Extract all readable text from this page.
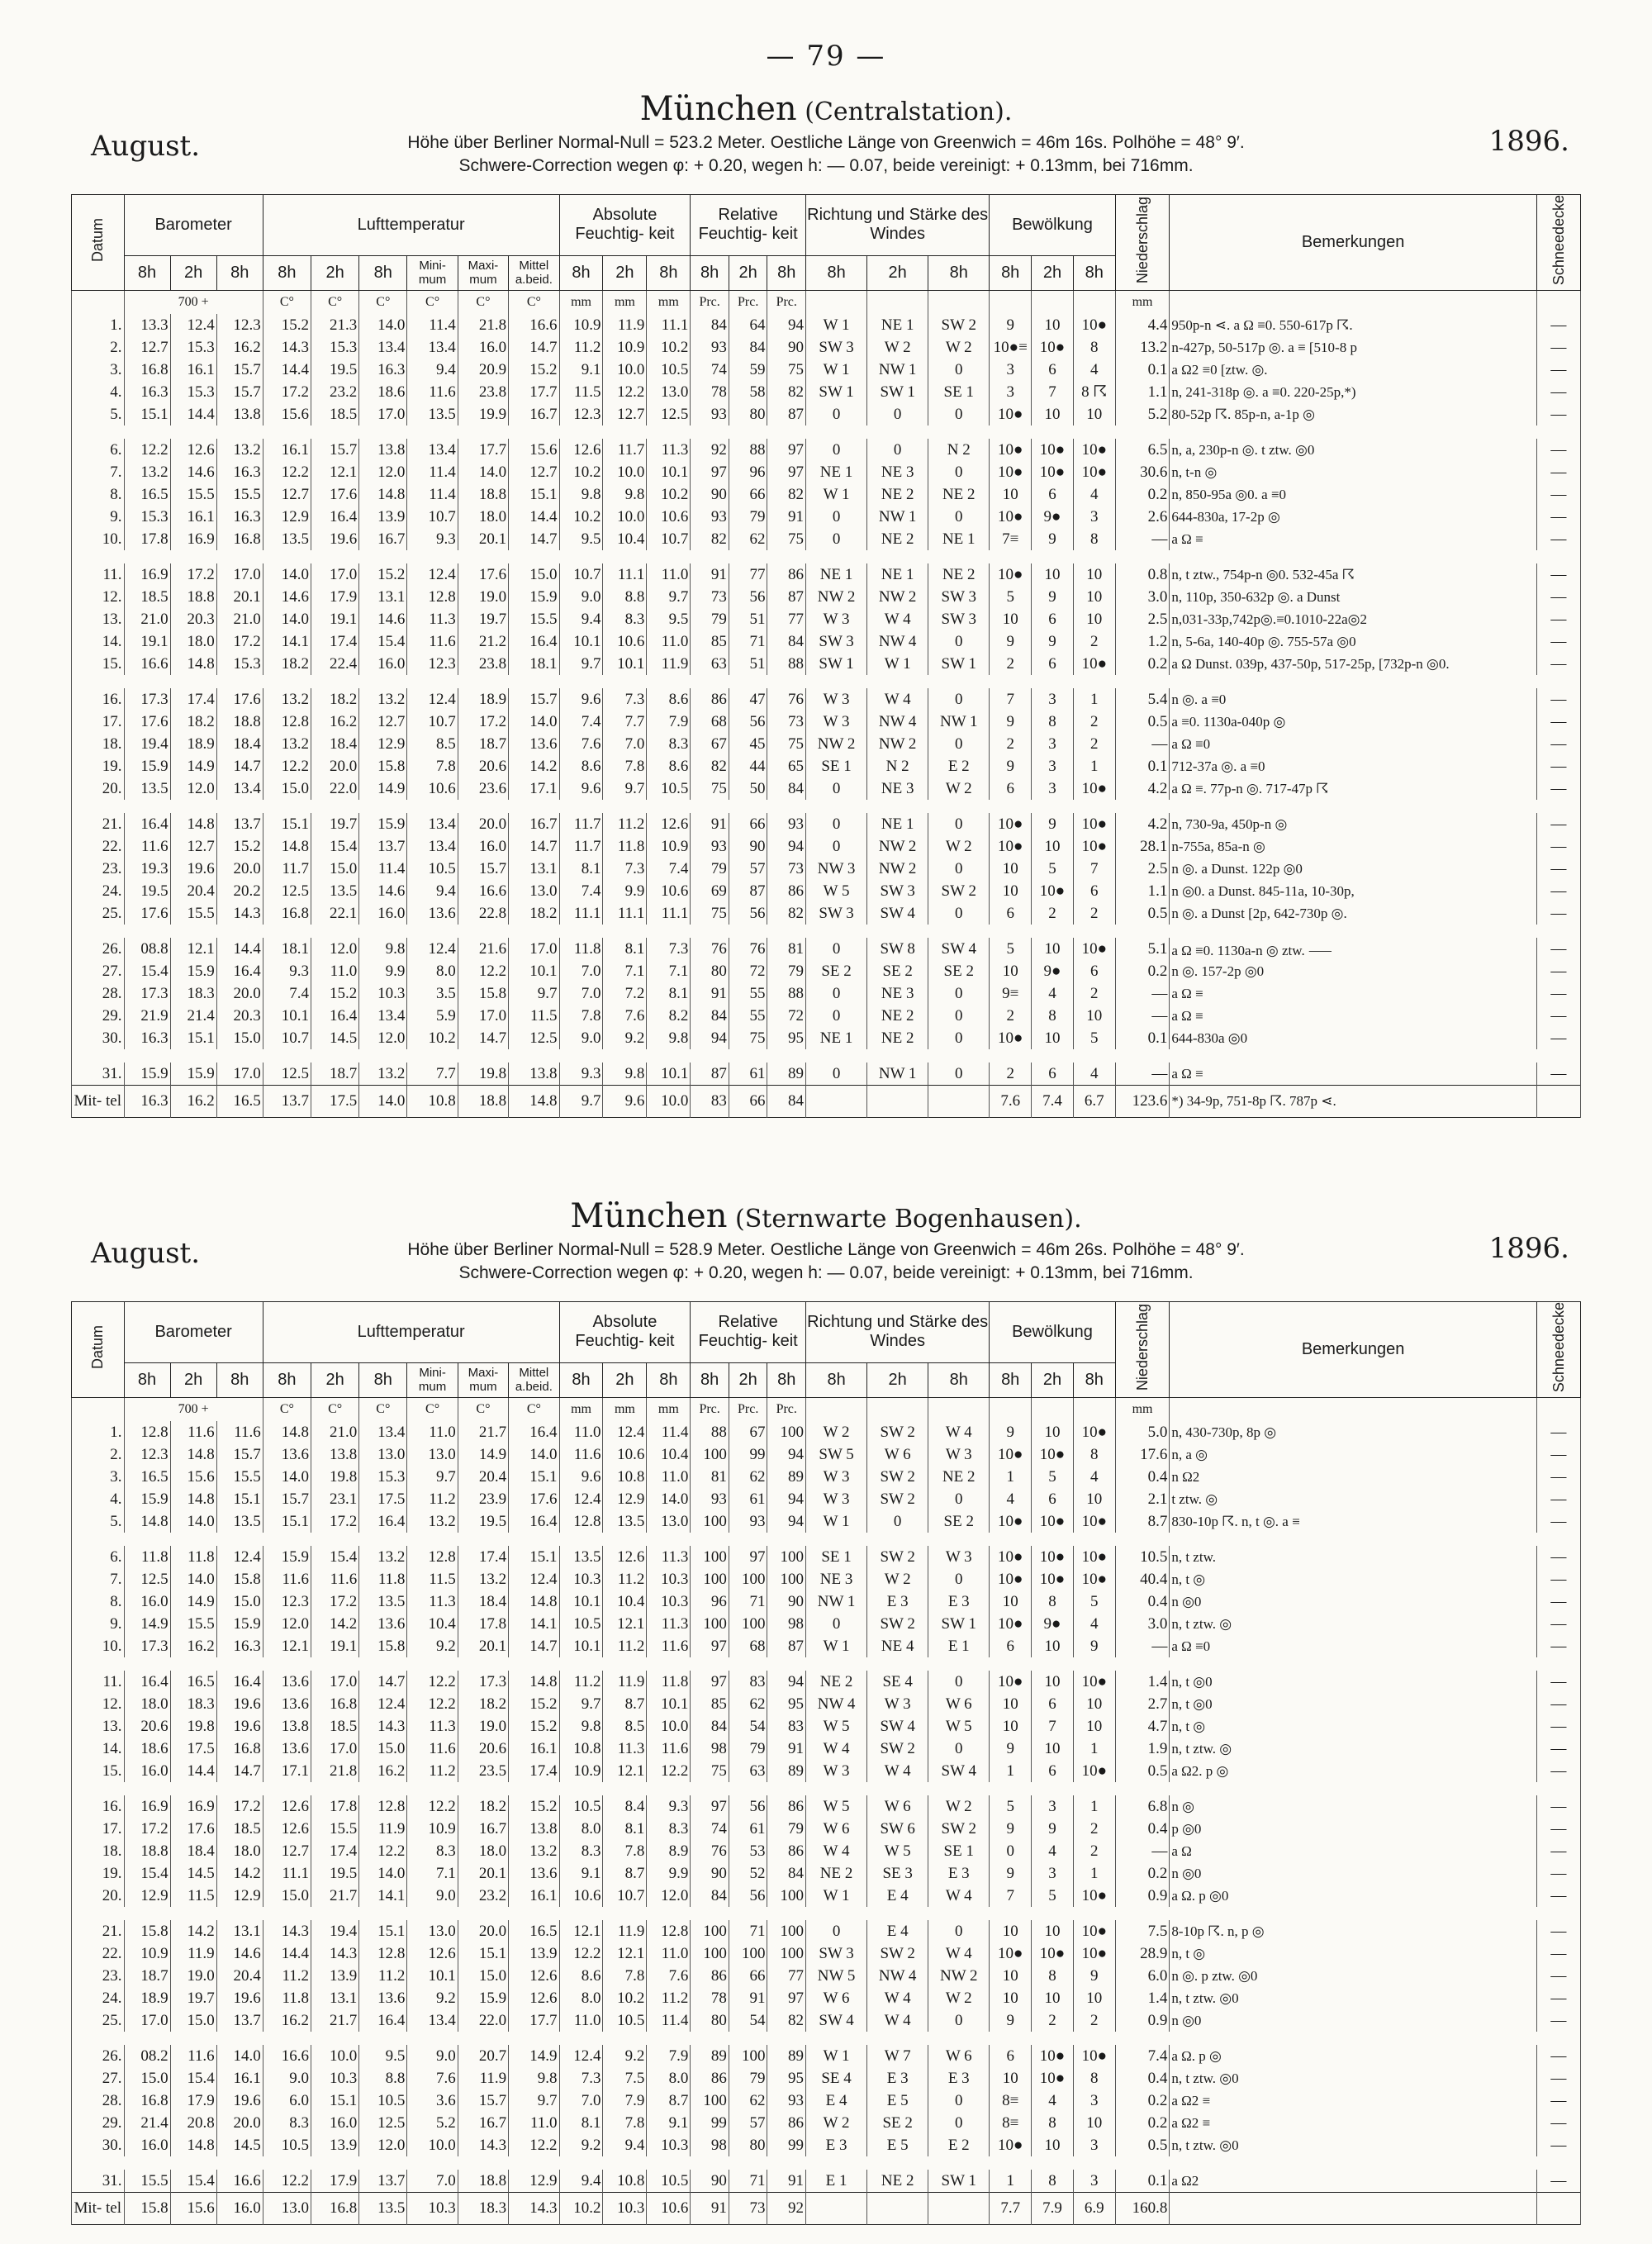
— 79 —
August.
München (Centralstation).
1896.
Höhe über Berliner Normal-Null = 523.2 Meter. Oestliche Länge von Greenwich = 46m 16s. Polhöhe = 48° 9′.
Schwere-Correction wegen φ: + 0.20, wegen h: — 0.07, beide vereinigt: + 0.13mm, bei 716mm.
Datum	Barometer			Lufttemperatur						Absolute Feuchtig- keit			Relative Feuchtig- keit			Richtung und Stärke des Windes			Bewölkung			Niederschlag	Bemerkungen	Schneedecke
	8h	2h	8h	8h	2h	8h	Mini- mum	Maxi- mum	Mittel a.beid.	8h	2h	8h	8h	2h	8h	8h	2h	8h	8h	2h	8h			
	700 +			C°	C°	C°	C°	C°	C°	mm	mm	mm	Prc.	Prc.	Prc.							mm		
1.	13.3	12.4	12.3	15.2	21.3	14.0	11.4	21.8	16.6	10.9	11.9	11.1	84	64	94	W 1	NE 1	SW 2	9	10	10●	4.4	950p-n ⋖. a Ω ≡0. 550-617p ☈.	—
2.	12.7	15.3	16.2	14.3	15.3	13.4	13.4	16.0	14.7	11.2	10.9	10.2	93	84	90	SW 3	W 2	W 2	10●≡	10●	8	13.2	n-427p, 50-517p ◎. a ≡ [510-8 p	—
3.	16.8	16.1	15.7	14.4	19.5	16.3	9.4	20.9	15.2	9.1	10.0	10.5	74	59	75	W 1	NW 1	0	3	6	4	0.1	a Ω2 ≡0 [ztw. ◎.	—
4.	16.3	15.3	15.7	17.2	23.2	18.6	11.6	23.8	17.7	11.5	12.2	13.0	78	58	82	SW 1	SW 1	SE 1	3	7	8 ☈	1.1	n, 241-318p ◎. a ≡0. 220-25p,*)	—
5.	15.1	14.4	13.8	15.6	18.5	17.0	13.5	19.9	16.7	12.3	12.7	12.5	93	80	87	0	0	0	10●	10	10	5.2	80-52p ☈. 85p-n, a-1p ◎	—

6.	12.2	12.6	13.2	16.1	15.7	13.8	13.4	17.7	15.6	12.6	11.7	11.3	92	88	97	0	0	N 2	10●	10●	10●	6.5	n, a, 230p-n ◎. t ztw. ◎0	—
7.	13.2	14.6	16.3	12.2	12.1	12.0	11.4	14.0	12.7	10.2	10.0	10.1	97	96	97	NE 1	NE 3	0	10●	10●	10●	30.6	n, t-n ◎	—
8.	16.5	15.5	15.5	12.7	17.6	14.8	11.4	18.8	15.1	9.8	9.8	10.2	90	66	82	W 1	NE 2	NE 2	10	6	4	0.2	n, 850-95a ◎0. a ≡0	—
9.	15.3	16.1	16.3	12.9	16.4	13.9	10.7	18.0	14.4	10.2	10.0	10.6	93	79	91	0	NW 1	0	10●	9●	3	2.6	644-830a, 17-2p ◎	—
10.	17.8	16.9	16.8	13.5	19.6	16.7	9.3	20.1	14.7	9.5	10.4	10.7	82	62	75	0	NE 2	NE 1	7≡	9	8	—	a Ω ≡	—

11.	16.9	17.2	17.0	14.0	17.0	15.2	12.4	17.6	15.0	10.7	11.1	11.0	91	77	86	NE 1	NE 1	NE 2	10●	10	10	0.8	n, t ztw., 754p-n ◎0. 532-45a ☈	—
12.	18.5	18.8	20.1	14.6	17.9	13.1	12.8	19.0	15.9	9.0	8.8	9.7	73	56	87	NW 2	NW 2	SW 3	5	9	10	3.0	n, 110p, 350-632p ◎. a Dunst	—
13.	21.0	20.3	21.0	14.0	19.1	14.6	11.3	19.7	15.5	9.4	8.3	9.5	79	51	77	W 3	W 4	SW 3	10	6	10	2.5	n,031-33p,742p◎.≡0.1010-22a◎2	—
14.	19.1	18.0	17.2	14.1	17.4	15.4	11.6	21.2	16.4	10.1	10.6	11.0	85	71	84	SW 3	NW 4	0	9	9	2	1.2	n, 5-6a, 140-40p ◎. 755-57a ◎0	—
15.	16.6	14.8	15.3	18.2	22.4	16.0	12.3	23.8	18.1	9.7	10.1	11.9	63	51	88	SW 1	W 1	SW 1	2	6	10●	0.2	a Ω Dunst. 039p, 437-50p, 517-25p, [732p-n ◎0.	—

16.	17.3	17.4	17.6	13.2	18.2	13.2	12.4	18.9	15.7	9.6	7.3	8.6	86	47	76	W 3	W 4	0	7	3	1	5.4	n ◎. a ≡0	—
17.	17.6	18.2	18.8	12.8	16.2	12.7	10.7	17.2	14.0	7.4	7.7	7.9	68	56	73	W 3	NW 4	NW 1	9	8	2	0.5	a ≡0. 1130a-040p ◎	—
18.	19.4	18.9	18.4	13.2	18.4	12.9	8.5	18.7	13.6	7.6	7.0	8.3	67	45	75	NW 2	NW 2	0	2	3	2	—	a Ω ≡0	—
19.	15.9	14.9	14.7	12.2	20.0	15.8	7.8	20.6	14.2	8.6	7.8	8.6	82	44	65	SE 1	N 2	E 2	9	3	1	0.1	712-37a ◎. a ≡0	—
20.	13.5	12.0	13.4	15.0	22.0	14.9	10.6	23.6	17.1	9.6	9.7	10.5	75	50	84	0	NE 3	W 2	6	3	10●	4.2	a Ω ≡. 77p-n ◎. 717-47p ☈	—

21.	16.4	14.8	13.7	15.1	19.7	15.9	13.4	20.0	16.7	11.7	11.2	12.6	91	66	93	0	NE 1	0	10●	9	10●	4.2	n, 730-9a, 450p-n ◎	—
22.	11.6	12.7	15.2	14.8	15.4	13.7	13.4	16.0	14.7	11.7	11.8	10.9	93	90	94	0	NW 2	W 2	10●	10	10●	28.1	n-755a, 85a-n ◎	—
23.	19.3	19.6	20.0	11.7	15.0	11.4	10.5	15.7	13.1	8.1	7.3	7.4	79	57	73	NW 3	NW 2	0	10	5	7	2.5	n ◎. a Dunst. 122p ◎0	—
24.	19.5	20.4	20.2	12.5	13.5	14.6	9.4	16.6	13.0	7.4	9.9	10.6	69	87	86	W 5	SW 3	SW 2	10	10●	6	1.1	n ◎0. a Dunst. 845-11a, 10-30p,	—
25.	17.6	15.5	14.3	16.8	22.1	16.0	13.6	22.8	18.2	11.1	11.1	11.1	75	56	82	SW 3	SW 4	0	6	2	2	0.5	n ◎. a Dunst [2p, 642-730p ◎.	—

26.	08.8	12.1	14.4	18.1	12.0	9.8	12.4	21.6	17.0	11.8	8.1	7.3	76	76	81	0	SW 8	SW 4	5	10	10●	5.1	a Ω ≡0. 1130a-n ◎ ztw. ⸺	—
27.	15.4	15.9	16.4	9.3	11.0	9.9	8.0	12.2	10.1	7.0	7.1	7.1	80	72	79	SE 2	SE 2	SE 2	10	9●	6	0.2	n ◎. 157-2p ◎0	—
28.	17.3	18.3	20.0	7.4	15.2	10.3	3.5	15.8	9.7	7.0	7.2	8.1	91	55	88	0	NE 3	0	9≡	4	2	—	a Ω ≡	—
29.	21.9	21.4	20.3	10.1	16.4	13.4	5.9	17.0	11.5	7.8	7.6	8.2	84	55	72	0	NE 2	0	2	8	10	—	a Ω ≡	—
30.	16.3	15.1	15.0	10.7	14.5	12.0	10.2	14.7	12.5	9.0	9.2	9.8	94	75	95	NE 1	NE 2	0	10●	10	5	0.1	644-830a ◎0	—

31.	15.9	15.9	17.0	12.5	18.7	13.2	7.7	19.8	13.8	9.3	9.8	10.1	87	61	89	0	NW 1	0	2	6	4	—	a Ω ≡	—
Mit- tel	16.3	16.2	16.5	13.7	17.5	14.0	10.8	18.8	14.8	9.7	9.6	10.0	83	66	84				7.6	7.4	6.7	123.6	*) 34-9p, 751-8p ☈. 787p ⋖.	
August.
München (Sternwarte Bogenhausen).
1896.
Höhe über Berliner Normal-Null = 528.9 Meter. Oestliche Länge von Greenwich = 46m 26s. Polhöhe = 48° 9′.
Schwere-Correction wegen φ: + 0.20, wegen h: — 0.07, beide vereinigt: + 0.13mm, bei 716mm.
Datum	Barometer			Lufttemperatur						Absolute Feuchtig- keit			Relative Feuchtig- keit			Richtung und Stärke des Windes			Bewölkung			Niederschlag	Bemerkungen	Schneedecke
	8h	2h	8h	8h	2h	8h	Mini- mum	Maxi- mum	Mittel a.beid.	8h	2h	8h	8h	2h	8h	8h	2h	8h	8h	2h	8h			
	700 +			C°	C°	C°	C°	C°	C°	mm	mm	mm	Prc.	Prc.	Prc.							mm		
1.	12.8	11.6	11.6	14.8	21.0	13.4	11.0	21.7	16.4	11.0	12.4	11.4	88	67	100	W 2	SW 2	W 4	9	10	10●	5.0	n, 430-730p, 8p ◎	—
2.	12.3	14.8	15.7	13.6	13.8	13.0	13.0	14.9	14.0	11.6	10.6	10.4	100	99	94	SW 5	W 6	W 3	10●	10●	8	17.6	n, a ◎	—
3.	16.5	15.6	15.5	14.0	19.8	15.3	9.7	20.4	15.1	9.6	10.8	11.0	81	62	89	W 3	SW 2	NE 2	1	5	4	0.4	n Ω2	—
4.	15.9	14.8	15.1	15.7	23.1	17.5	11.2	23.9	17.6	12.4	12.9	14.0	93	61	94	W 3	SW 2	0	4	6	10	2.1	t ztw. ◎	—
5.	14.8	14.0	13.5	15.1	17.2	16.4	13.2	19.5	16.4	12.8	13.5	13.0	100	93	94	W 1	0	SE 2	10●	10●	10●	8.7	830-10p ☈. n, t ◎. a ≡	—

6.	11.8	11.8	12.4	15.9	15.4	13.2	12.8	17.4	15.1	13.5	12.6	11.3	100	97	100	SE 1	SW 2	W 3	10●	10●	10●	10.5	n, t ztw.	—
7.	12.5	14.0	15.8	11.6	11.6	11.8	11.5	13.2	12.4	10.3	11.2	10.3	100	100	100	NE 3	W 2	0	10●	10●	10●	40.4	n, t ◎	—
8.	16.0	14.9	15.0	12.3	17.2	13.5	11.3	18.4	14.8	10.1	10.4	10.3	96	71	90	NW 1	E 3	E 3	10	8	5	0.4	n ◎0	—
9.	14.9	15.5	15.9	12.0	14.2	13.6	10.4	17.8	14.1	10.5	12.1	11.3	100	100	98	0	SW 2	SW 1	10●	9●	4	3.0	n, t ztw. ◎	—
10.	17.3	16.2	16.3	12.1	19.1	15.8	9.2	20.1	14.7	10.1	11.2	11.6	97	68	87	W 1	NE 4	E 1	6	10	9	—	a Ω ≡0	—

11.	16.4	16.5	16.4	13.6	17.0	14.7	12.2	17.3	14.8	11.2	11.9	11.8	97	83	94	NE 2	SE 4	0	10●	10	10●	1.4	n, t ◎0	—
12.	18.0	18.3	19.6	13.6	16.8	12.4	12.2	18.2	15.2	9.7	8.7	10.1	85	62	95	NW 4	W 3	W 6	10	6	10	2.7	n, t ◎0	—
13.	20.6	19.8	19.6	13.8	18.5	14.3	11.3	19.0	15.2	9.8	8.5	10.0	84	54	83	W 5	SW 4	W 5	10	7	10	4.7	n, t ◎	—
14.	18.6	17.5	16.8	13.6	17.0	15.0	11.6	20.6	16.1	10.8	11.3	11.6	98	79	91	W 4	SW 2	0	9	10	1	1.9	n, t ztw. ◎	—
15.	16.0	14.4	14.7	17.1	21.8	16.2	11.2	23.5	17.4	10.9	12.1	12.2	75	63	89	W 3	W 4	SW 4	1	6	10●	0.5	a Ω2. p ◎	—

16.	16.9	16.9	17.2	12.6	17.8	12.8	12.2	18.2	15.2	10.5	8.4	9.3	97	56	86	W 5	W 6	W 2	5	3	1	6.8	n ◎	—
17.	17.2	17.6	18.5	12.6	15.5	11.9	10.9	16.7	13.8	8.0	8.1	8.3	74	61	79	W 6	SW 6	SW 2	9	9	2	0.4	p ◎0	—
18.	18.8	18.4	18.0	12.7	17.4	12.2	8.3	18.0	13.2	8.3	7.8	8.9	76	53	86	W 4	W 5	SE 1	0	4	2	—	a Ω	—
19.	15.4	14.5	14.2	11.1	19.5	14.0	7.1	20.1	13.6	9.1	8.7	9.9	90	52	84	NE 2	SE 3	E 3	9	3	1	0.2	n ◎0	—
20.	12.9	11.5	12.9	15.0	21.7	14.1	9.0	23.2	16.1	10.6	10.7	12.0	84	56	100	W 1	E 4	W 4	7	5	10●	0.9	a Ω. p ◎0	—

21.	15.8	14.2	13.1	14.3	19.4	15.1	13.0	20.0	16.5	12.1	11.9	12.8	100	71	100	0	E 4	0	10	10	10●	7.5	8-10p ☈. n, p ◎	—
22.	10.9	11.9	14.6	14.4	14.3	12.8	12.6	15.1	13.9	12.2	12.1	11.0	100	100	100	SW 3	SW 2	W 4	10●	10●	10●	28.9	n, t ◎	—
23.	18.7	19.0	20.4	11.2	13.9	11.2	10.1	15.0	12.6	8.6	7.8	7.6	86	66	77	NW 5	NW 4	NW 2	10	8	9	6.0	n ◎. p ztw. ◎0	—
24.	18.9	19.7	19.6	11.8	13.1	13.6	9.2	15.9	12.6	8.0	10.2	11.2	78	91	97	W 6	W 4	W 2	10	10	10	1.4	n, t ztw. ◎0	—
25.	17.0	15.0	13.7	16.2	21.7	16.4	13.4	22.0	17.7	11.0	10.5	11.4	80	54	82	SW 4	W 4	0	9	2	2	0.9	n ◎0	—

26.	08.2	11.6	14.0	16.6	10.0	9.5	9.0	20.7	14.9	12.4	9.2	7.9	89	100	89	W 1	W 7	W 6	6	10●	10●	7.4	a Ω. p ◎	—
27.	15.0	15.4	16.1	9.0	10.3	8.8	7.6	11.9	9.8	7.3	7.5	8.0	86	79	95	SE 4	E 3	E 3	10	10●	8	0.4	n, t ztw. ◎0	—
28.	16.8	17.9	19.6	6.0	15.1	10.5	3.6	15.7	9.7	7.0	7.9	8.7	100	62	93	E 4	E 5	0	8≡	4	3	0.2	a Ω2 ≡	—
29.	21.4	20.8	20.0	8.3	16.0	12.5	5.2	16.7	11.0	8.1	7.8	9.1	99	57	86	W 2	SE 2	0	8≡	8	10	0.2	a Ω2 ≡	—
30.	16.0	14.8	14.5	10.5	13.9	12.0	10.0	14.3	12.2	9.2	9.4	10.3	98	80	99	E 3	E 5	E 2	10●	10	3	0.5	n, t ztw. ◎0	—

31.	15.5	15.4	16.6	12.2	17.9	13.7	7.0	18.8	12.9	9.4	10.8	10.5	90	71	91	E 1	NE 2	SW 1	1	8	3	0.1	a Ω2	—
Mit- tel	15.8	15.6	16.0	13.0	16.8	13.5	10.3	18.3	14.3	10.2	10.3	10.6	91	73	92				7.7	7.9	6.9	160.8		
